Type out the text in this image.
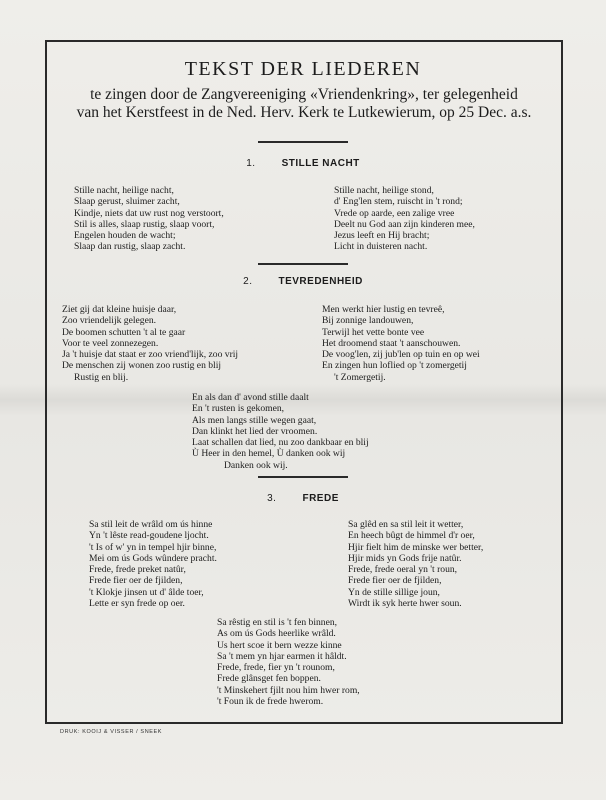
TEKST DER LIEDEREN
te zingen door de Zangvereeniging «Vriendenkring», ter gelegenheid
van het Kerstfeest in de Ned. Herv. Kerk te Lutkewierum, op 25 Dec. a.s.
1.	STILLE NACHT
Stille nacht, heilige nacht,
Slaap gerust, sluimer zacht,
Kindje, niets dat uw rust nog verstoort,
Stil is alles, slaap rustig, slaap voort,
Engelen houden de wacht;
Slaap dan rustig, slaap zacht.
Stille nacht, heilige stond,
d' Eng'len stem, ruischt in 't rond;
Vrede op aarde, een zalige vree
Deelt nu God aan zijn kinderen mee,
Jezus leeft en Hij bracht;
Licht in duisteren nacht.
2.	TEVREDENHEID
Ziet gij dat kleine huisje daar,
Zoo vriendelijk gelegen.
De boomen schutten 't al te gaar
Voor te veel zonnezegen.
Ja 't huisje dat staat er zoo vriend'lijk, zoo vrij
De menschen zij wonen zoo rustig en blij
Rustig en blij.
Men werkt hier lustig en tevreê,
Bij zonnige landouwen,
Terwijl het vette bonte vee
Het droomend staat 't aanschouwen.
De voog'len, zij jub'len op tuin en op wei
En zingen hun loflied op 't zomergetij
't Zomergetij.
En als dan d' avond stille daalt
En 't rusten is gekomen,
Als men langs stille wegen gaat,
Dan klinkt het lied der vroomen.
Laat schallen dat lied, nu zoo dankbaar en blij
Ù Heer in den hemel, Ù danken ook wij
Danken ook wij.
3.	FREDE
Sa stil leit de wrâld om ús hinne
Yn 't lêste read-goudene ljocht.
't Is of w' yn in tempel hjir binne,
Mei om ús Gods wûndere pracht.
Frede, frede preket natûr,
Frede fier oer de fjilden,
't Klokje jinsen ut d' âlde toer,
Lette er syn frede op oer.
Sa glêd en sa stil leit it wetter,
En heech bûgt de himmel d'r oer,
Hjir fielt him de minske wer better,
Hjir mids yn Gods frije natûr.
Frede, frede oeral yn 't roun,
Frede fier oer de fjilden,
Yn de stille sillige joun,
Wirdt ik syk herte hwer soun.
Sa rêstig en stil is 't fen binnen,
As om ús Gods heerlike wrâld.
Us hert scoe it bern wezze kinne
Sa 't mem yn hjar earmen it hâldt.
Frede, frede, fier yn 't rounom,
Frede glânsget fen boppen.
't Minskehert fjilt nou him hwer rom,
't Foun ik de frede hwerom.
DRUK: KOOIJ & VISSER / SNEEK
